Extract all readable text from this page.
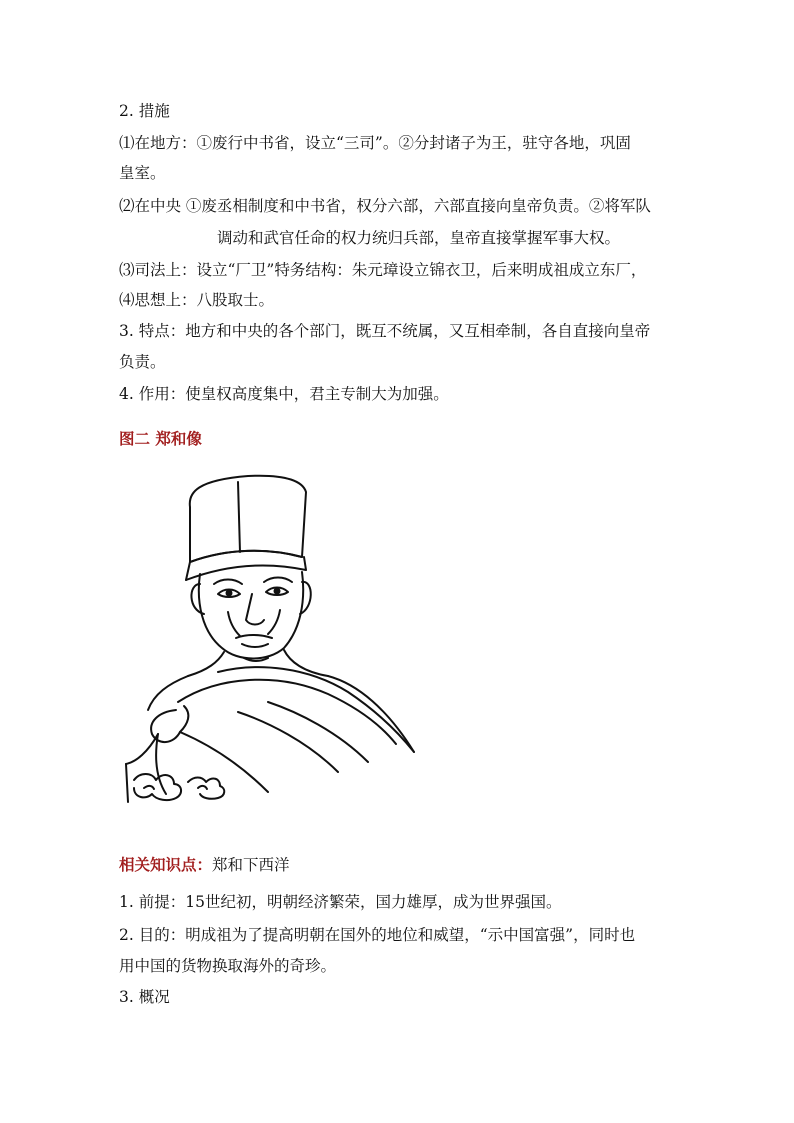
2. 措施
⑴在地方：①废行中书省，设立“三司”。②分封诸子为王，驻守各地，巩固
皇室。
⑵在中央 ①废丞相制度和中书省，权分六部，六部直接向皇帝负责。②将军队
调动和武官任命的权力统归兵部，皇帝直接掌握军事大权。
⑶司法上：设立“厂卫”特务结构：朱元璋设立锦衣卫，后来明成祖成立东厂，
⑷思想上：八股取士。
3. 特点：地方和中央的各个部门，既互不统属，又互相牵制，各自直接向皇帝
负责。
4. 作用：使皇权高度集中，君主专制大为加强。
图二 郑和像
相关知识点：郑和下西洋
1. 前提：15世纪初，明朝经济繁荣，国力雄厚，成为世界强国。
2. 目的：明成祖为了提高明朝在国外的地位和威望，“示中国富强”，同时也
用中国的货物换取海外的奇珍。
3. 概况
